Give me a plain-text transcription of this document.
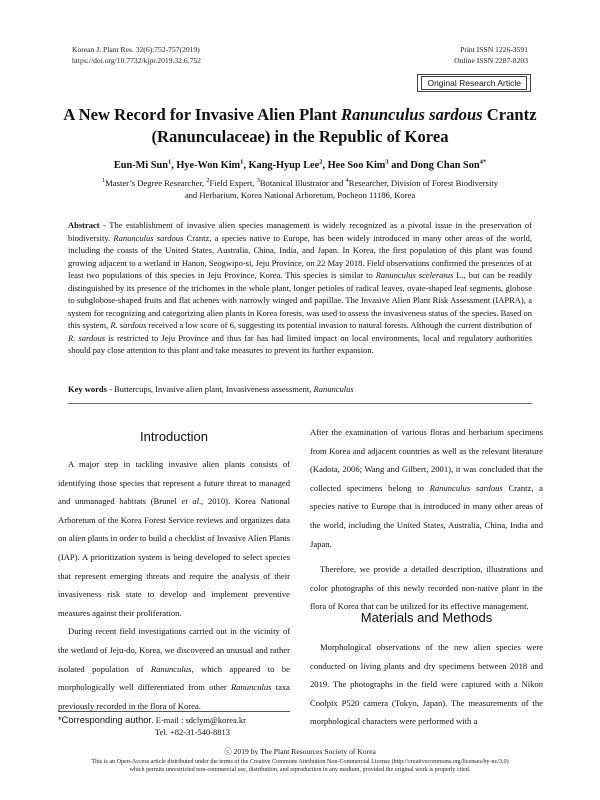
Korean J. Plant Res. 32(6):752-757(2019)
https://doi.org/10.7732/kjpr.2019.32.6.752
Print ISSN 1226-3591
Online ISSN 2287-8203
Original Research Article
A New Record for Invasive Alien Plant Ranunculus sardous Crantz
(Ranunculaceae) in the Republic of Korea
Eun-Mi Sun$^1$, Hye-Won Kim$^1$, Kang-Hyup Lee$^2$, Hee Soo Kim$^3$ and Dong Chan Son$^{4*}$
$^1$Master’s Degree Researcher, $^2$Field Expert, $^3$Botanical Illustrator and $^4$Researcher, Division of Forest Biodiversity
and Herbarium, Korea National Arboretum, Pocheon 11186, Korea
Abstract - The establishment of invasive alien species management is widely recognized as a pivotal issue in the preservation of biodiversity. Ranunculus sardous Crantz, a species native to Europe, has been widely introduced in many other areas of the world, including the coasts of the United States, Australia, China, India, and Japan. In Korea, the first population of this plant was found growing adjacent to a wetland in Hanon, Seogwipo-si, Jeju Province, on 22 May 2018. Field observations confirmed the presences of at least two populations of this species in Jeju Province, Korea. This species is similar to Ranunculus sceleratus L., but can be readily distinguished by its presence of the trichomes in the whole plant, longer petioles of radical leaves, ovate-shaped leaf segments, globose to subglobose-shaped fruits and flat achenes with narrowly winged and papillae. The Invasive Alien Plant Risk Assessment (IAPRA), a system for recognizing and categorizing alien plants in Korea forests, was used to assess the invasiveness status of the species. Based on this system, R. sardous received a low score of 6, suggesting its potential invasion to natural forests. Although the current distribution of R. sardous is restricted to Jeju Province and thus far has had limited impact on local environments, local and regulatory authorities should pay close attention to this plant and take measures to prevent its further expansion.
Key words - Buttercups, Invasive alien plant, Invasiveness assessment, Ranunculus
Introduction

A major step in tackling invasive alien plants consists of identifying those species that represent a future threat to managed and unmanaged habitats (Brunel et al., 2010). Korea National Arboretum of the Korea Forest Service reviews and organizes data on alien plants in order to build a checklist of Invasive Alien Plants (IAP). A prioritization system is being developed to select species that represent emerging threats and require the analysis of their invasiveness risk state to develop and implement preventive measures against their proliferation.

During recent field investigations carried out in the vicinity of the wetland of Jeju-do, Korea, we discovered an unusual and rather isolated population of Ranunculus, which appeared to be morphologically well differentiated from other Ranunculus taxa previously recorded in the flora of Korea.

After the examination of various floras and herbarium specimens from Korea and adjacent countries as well as the relevant literature (Kadota, 2006; Wang and Gilbert, 2001), it was concluded that the collected specimens belong to Ranunculus sardous Crantz, a species native to Europe that is introduced in many other areas of the world, including the United States, Australia, China, India and Japan.

Therefore, we provide a detailed description, illustrations and color photographs of this newly recorded non-native plant in the flora of Korea that can be utilized for its effective management.

Materials and Methods

Morphological observations of the new alien species were conducted on living plants and dry specimens between 2018 and 2019. The photographs in the field were captured with a Nikon Coolpix P520 camera (Tokyo, Japan). The measurements of the morphological characters were performed with a

*Corresponding author. E-mail : sdclym@korea.kr
Tel. +82-31-540-8813
ⓒ 2019 by The Plant Resources Society of Korea
This is an Open-Access article distributed under the terms of the Creative Commons Attribution Non-Commercial License (http://creativecommons.org/licenses/by-nc/3.0)
which permits unrestricted non-commercial use, distribution, and reproduction in any medium, provided the original work is properly cited.
